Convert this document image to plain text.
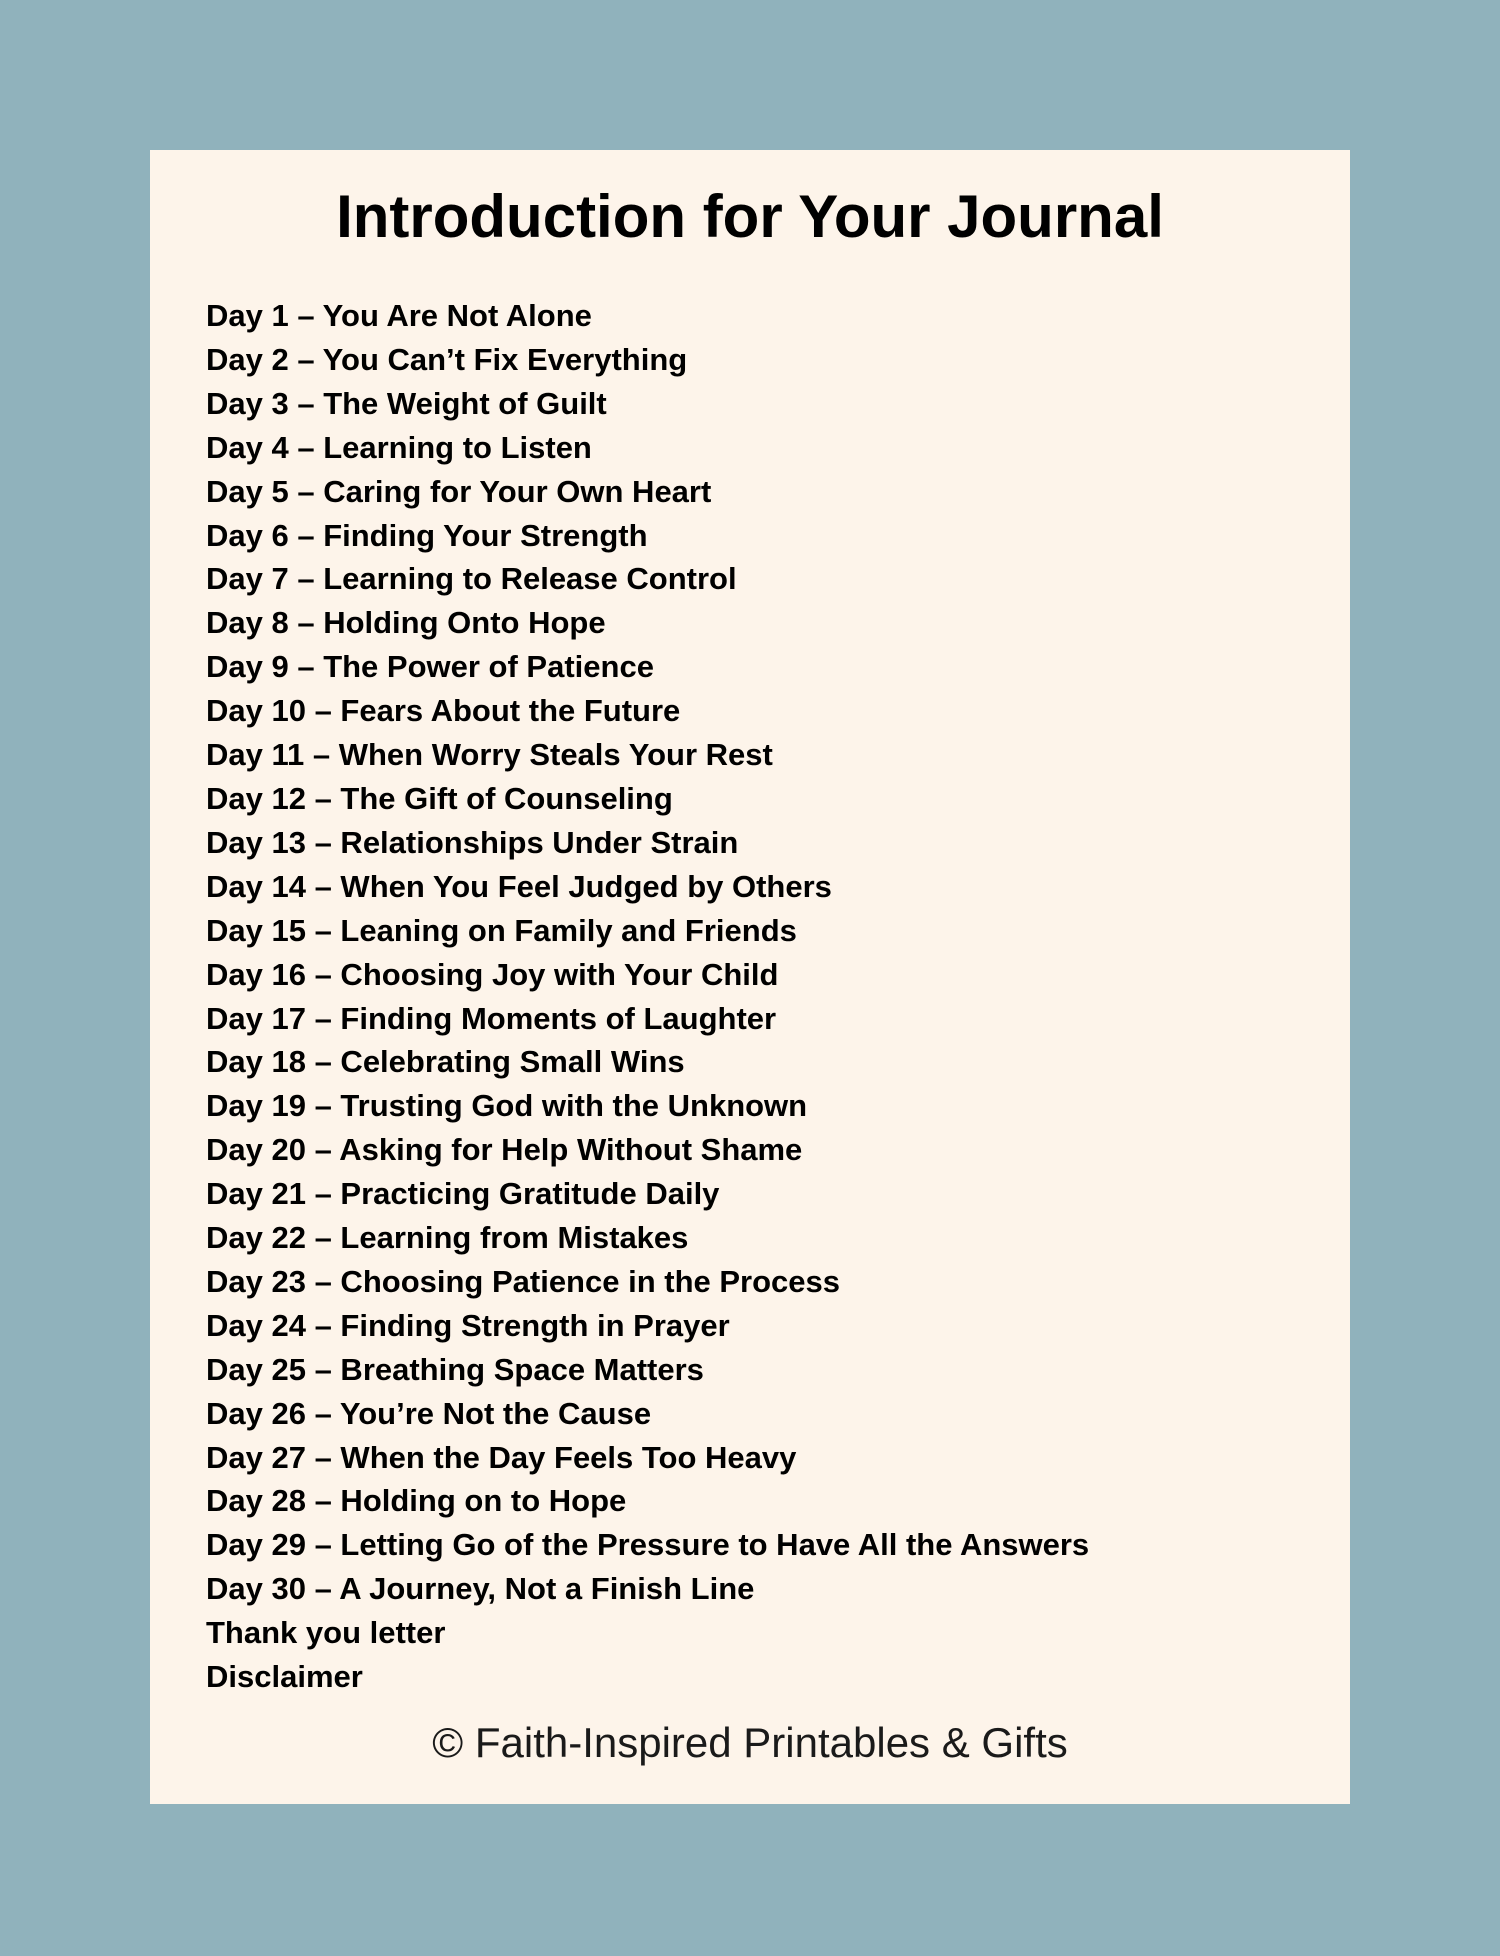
Introduction for Your Journal
Day 1 – You Are Not Alone
Day 2 – You Can’t Fix Everything
Day 3 – The Weight of Guilt
Day 4 – Learning to Listen
Day 5 – Caring for Your Own Heart
Day 6 – Finding Your Strength
Day 7 – Learning to Release Control
Day 8 – Holding Onto Hope
Day 9 – The Power of Patience
Day 10 – Fears About the Future
Day 11 – When Worry Steals Your Rest
Day 12 – The Gift of Counseling
Day 13 – Relationships Under Strain
Day 14 – When You Feel Judged by Others
Day 15 – Leaning on Family and Friends
Day 16 – Choosing Joy with Your Child
Day 17 – Finding Moments of Laughter
Day 18 – Celebrating Small Wins
Day 19 – Trusting God with the Unknown
Day 20 – Asking for Help Without Shame
Day 21 – Practicing Gratitude Daily
Day 22 – Learning from Mistakes
Day 23 – Choosing Patience in the Process
Day 24 – Finding Strength in Prayer
Day 25 – Breathing Space Matters
Day 26 – You’re Not the Cause
Day 27 – When the Day Feels Too Heavy
Day 28 – Holding on to Hope
Day 29 – Letting Go of the Pressure to Have All the Answers
Day 30 – A Journey, Not a Finish Line
Thank you letter
Disclaimer
© Faith-Inspired Printables & Gifts
